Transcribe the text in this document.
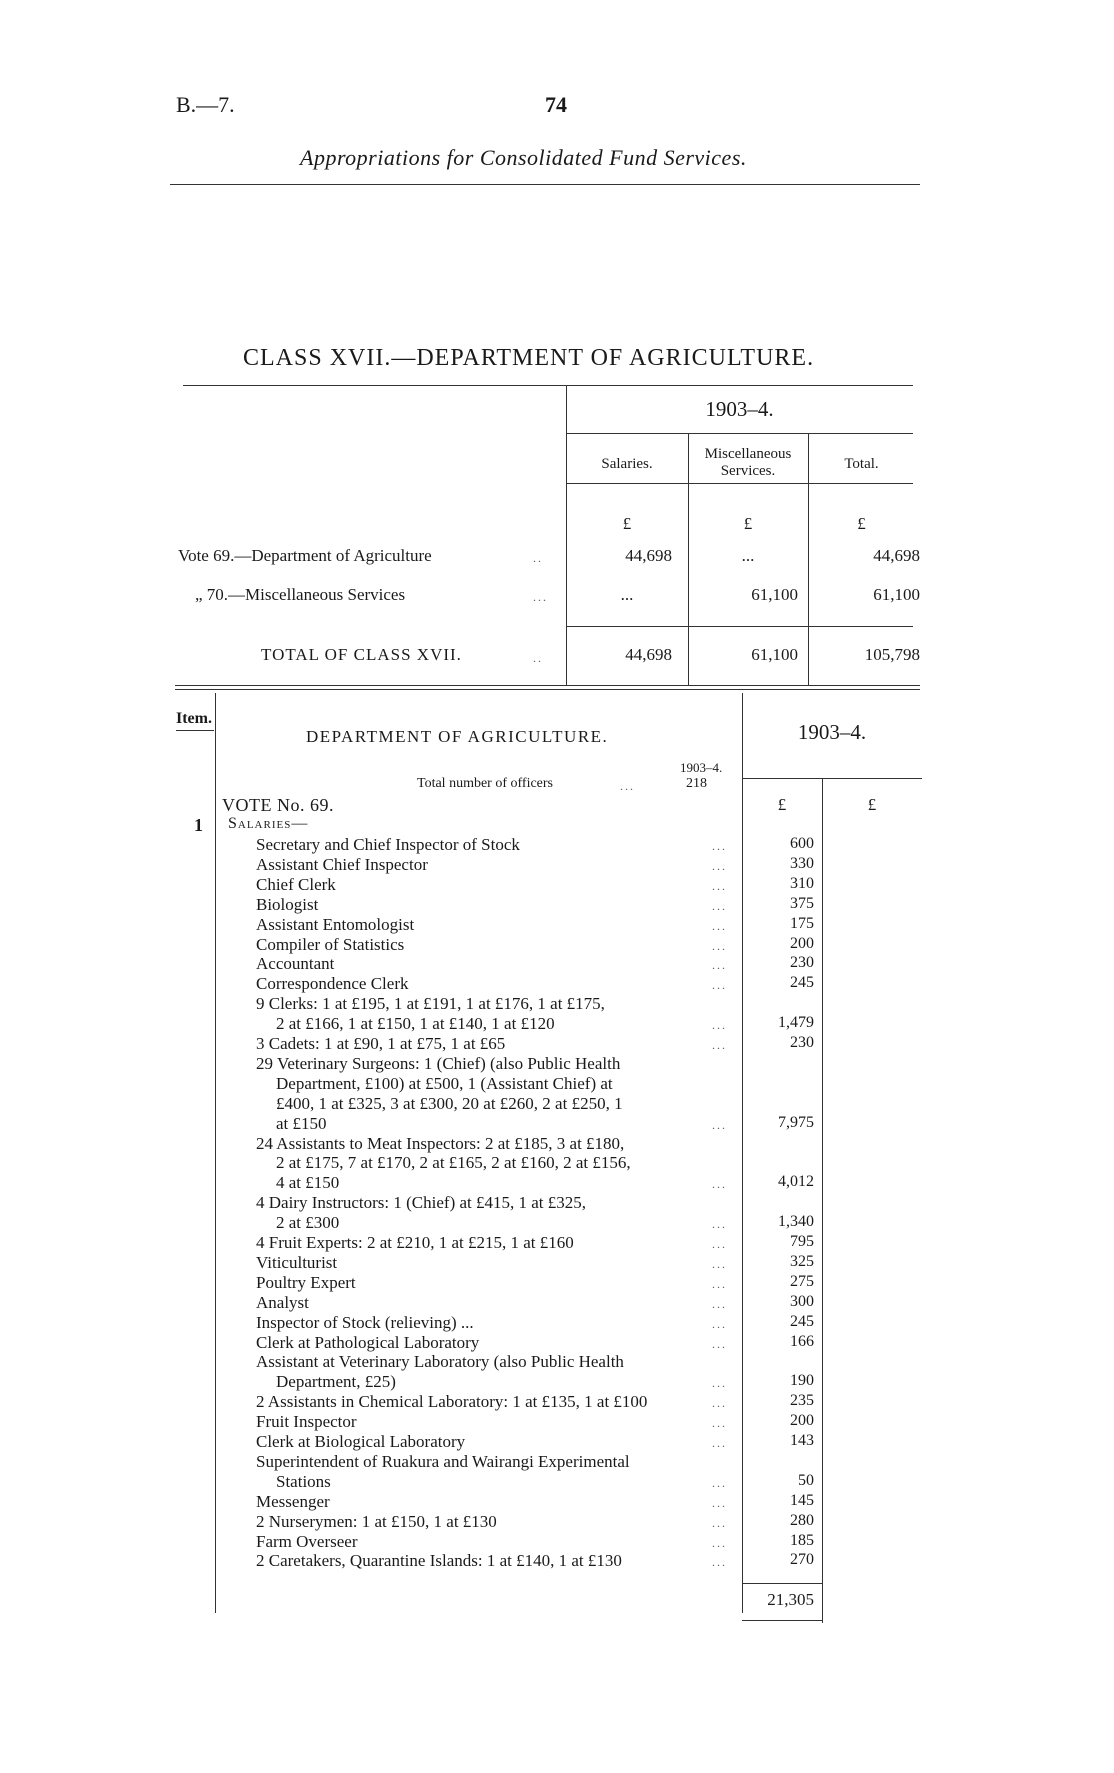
B.—7.	74
Appropriations for Consolidated Fund Services.
CLASS XVII.—DEPARTMENT OF AGRICULTURE.
1903–4.
Salaries.
Miscellaneous Services.	Total.
£	£	£
Vote 69.—Department of Agriculture	..	44,698	...	44,698
„ 70.—Miscellaneous Services	...	...	61,100	61,100
TOTAL OF CLASS XVII.	..	44,698	61,100	105,798
Item.
DEPARTMENT OF AGRICULTURE.	1903–4.
1903–4.
Total number of officers	...	218
VOTE No. 69.	£	£
1 Salaries—
Secretary and Chief Inspector of Stock	...	600
Assistant Chief Inspector	...	330
Chief Clerk	...	310
Biologist	...	375
Assistant Entomologist	...	175
Compiler of Statistics	...	200
Accountant	...	230
Correspondence Clerk	...	245
9 Clerks: 1 at £195, 1 at £191, 1 at £176, 1 at £175,
2 at £166, 1 at £150, 1 at £140, 1 at £120	...	1,479
3 Cadets: 1 at £90, 1 at £75, 1 at £65	...	230
29 Veterinary Surgeons: 1 (Chief) (also Public Health
Department, £100) at £500, 1 (Assistant Chief) at
£400, 1 at £325, 3 at £300, 20 at £260, 2 at £250, 1
at £150	...	7,975
24 Assistants to Meat Inspectors: 2 at £185, 3 at £180,
2 at £175, 7 at £170, 2 at £165, 2 at £160, 2 at £156,
4 at £150	...	4,012
4 Dairy Instructors: 1 (Chief) at £415, 1 at £325,
2 at £300	...	1,340
4 Fruit Experts: 2 at £210, 1 at £215, 1 at £160	...	795
Viticulturist	...	325
Poultry Expert	...	275
Analyst	...	300
Inspector of Stock (relieving) ...	...	245
Clerk at Pathological Laboratory	...	166
Assistant at Veterinary Laboratory (also Public Health
Department, £25)	...	190
2 Assistants in Chemical Laboratory: 1 at £135, 1 at £100	...	235
Fruit Inspector	...	200
Clerk at Biological Laboratory	...	143
Superintendent of Ruakura and Wairangi Experimental
Stations	...	50
Messenger	...	145
2 Nurserymen: 1 at £150, 1 at £130	...	280
Farm Overseer	...	185
2 Caretakers, Quarantine Islands: 1 at £140, 1 at £130	...	270
21,305
